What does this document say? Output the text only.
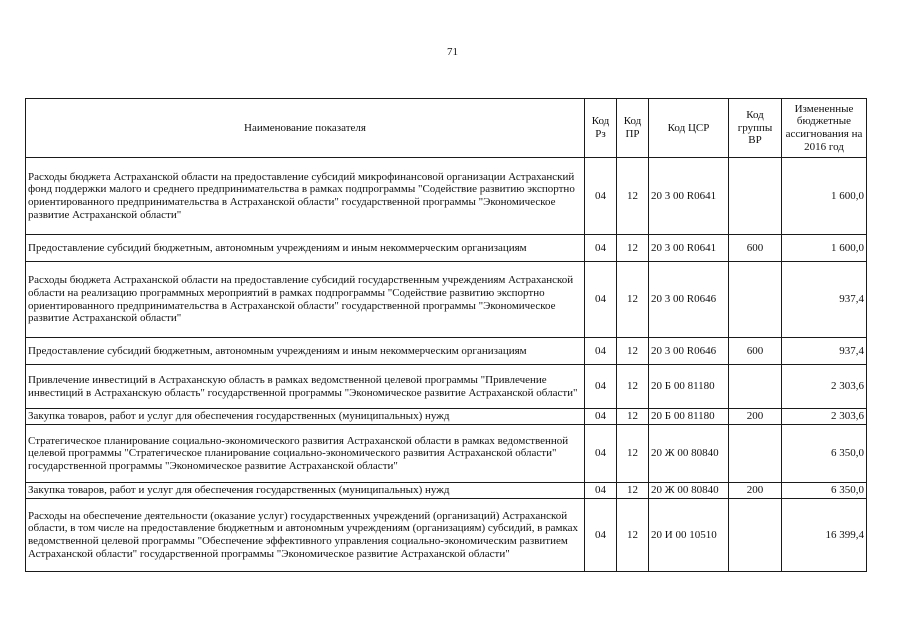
71
Наименование показателя	Код Рз	Код ПР	Код ЦСР	Код группы ВР	Измененные бюджетные ассигнования на 2016 год
Расходы бюджета Астраханской области на предоставление субсидий микрофинансовой организации Астраханский фонд поддержки малого и среднего предпринимательства в рамках подпрограммы "Содействие развитию экспортно ориентированного предпринимательства в Астраханской области" государственной программы "Экономическое развитие Астраханской области"	04	12	20 3 00 R0641		1 600,0
Предоставление субсидий бюджетным, автономным учреждениям и иным некоммерческим организациям	04	12	20 3 00 R0641	600	1 600,0
Расходы бюджета Астраханской области на предоставление субсидий государственным учреждениям Астраханской области на реализацию программных мероприятий в рамках подпрограммы "Содействие развитию экспортно ориентированного предпринимательства в Астраханской области" государственной программы "Экономическое развитие Астраханской области"	04	12	20 3 00 R0646		937,4
Предоставление субсидий бюджетным, автономным учреждениям и иным некоммерческим организациям	04	12	20 3 00 R0646	600	937,4
Привлечение инвестиций в Астраханскую область в рамках ведомственной целевой программы "Привлечение инвестиций в Астраханскую область" государственной программы "Экономическое развитие Астраханской области"	04	12	20 Б 00 81180		2 303,6
Закупка товаров, работ и услуг для обеспечения государственных (муниципальных) нужд	04	12	20 Б 00 81180	200	2 303,6
Стратегическое планирование социально-экономического развития Астраханской области в рамках ведомственной целевой программы "Стратегическое планирование социально-экономического развития Астраханской области" государственной программы "Экономическое развитие Астраханской области"	04	12	20 Ж 00 80840		6 350,0
Закупка товаров, работ и услуг для обеспечения государственных (муниципальных) нужд	04	12	20 Ж 00 80840	200	6 350,0
Расходы на обеспечение деятельности (оказание услуг) государственных учреждений (организаций) Астраханской области, в том числе на предоставление бюджетным и автономным учреждениям (организациям) субсидий, в рамках ведомственной целевой программы "Обеспечение эффективного управления социально-экономическим развитием Астраханской области" государственной программы "Экономическое развитие Астраханской области"	04	12	20 И 00 10510		16 399,4
